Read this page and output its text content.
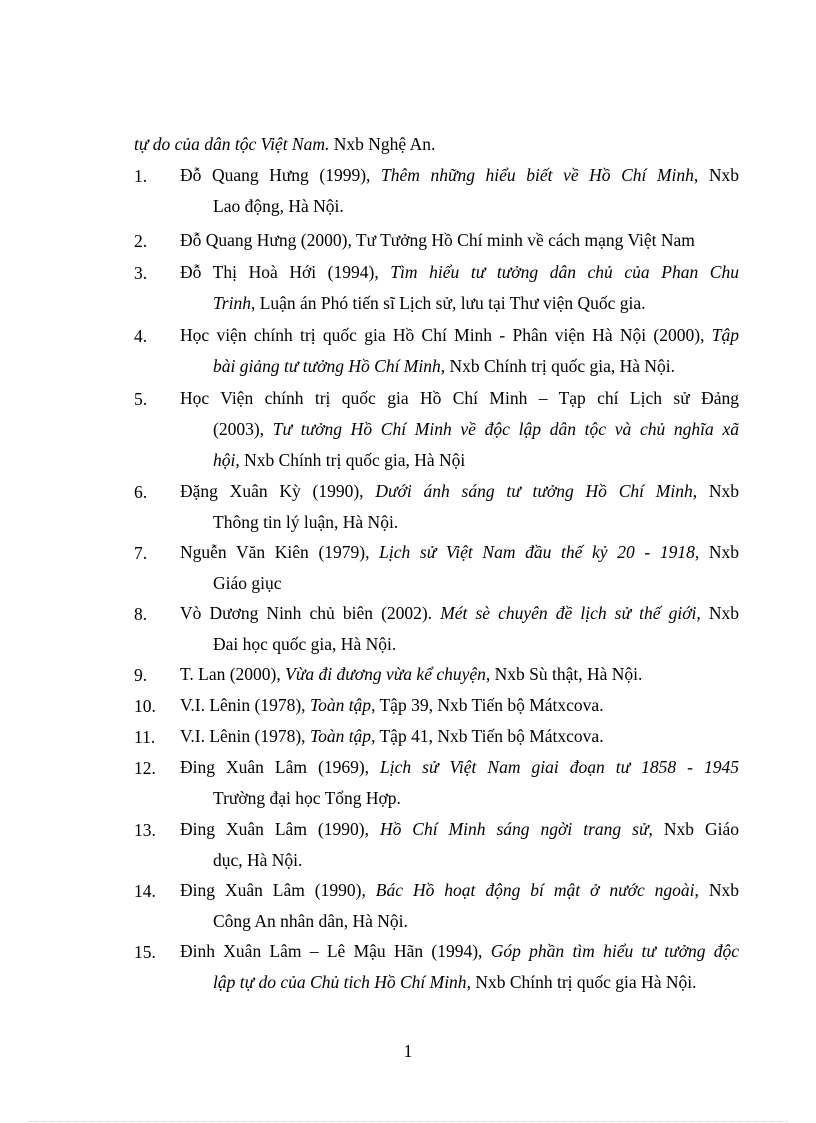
tự do của dân tộc Việt Nam. Nxb Nghệ An.
1. Đỗ Quang Hưng (1999), Thêm những hiểu biết về Hồ Chí Minh, Nxb
Lao động, Hà Nội.
2. Đỗ Quang Hưng (2000), Tư Tưởng Hồ Chí minh về cách mạng Việt Nam
3. Đỗ Thị Hoà Hới (1994), Tìm hiểu tư tưởng dân chủ của Phan Chu
Trinh, Luận án Phó tiến sĩ Lịch sử, lưu tại Thư viện Quốc gia.
4. Học viện chính trị quốc gia Hồ Chí Minh - Phân viện Hà Nội (2000), Tập
bài giảng tư tưởng Hồ Chí Minh, Nxb Chính trị quốc gia, Hà Nội.
5. Học Viện chính trị quốc gia Hồ Chí Minh – Tạp chí Lịch sử Đảng
(2003), Tư tưởng Hồ Chí Minh về độc lập dân tộc và chủ nghĩa xã
hội, Nxb Chính trị quốc gia, Hà Nội
6. Đặng Xuân Kỳ (1990), Dưới ánh sáng tư tưởng Hồ Chí Minh, Nxb
Thông tin lý luận, Hà Nội.
7. Nguễn Văn Kiên (1979), Lịch sử Việt Nam đầu thế kỷ 20 - 1918, Nxb
Giáo giục
8. Vò Dương Ninh chủ biên (2002). Mét sè chuyên đề lịch sử thế giới, Nxb
Đai học quốc gia, Hà Nội.
9. T. Lan (2000), Vừa đi đương vừa kể chuyện, Nxb Sù thật, Hà Nội.
10. V.I. Lênin (1978), Toàn tập, Tập 39, Nxb Tiến bộ Mátxcova.
11. V.I. Lênin (1978), Toàn tập, Tập 41, Nxb Tiến bộ Mátxcova.
12. Đing Xuân Lâm (1969), Lịch sử Việt Nam giai đoạn tư 1858 - 1945
Trường đại học Tổng Hợp.
13. Đing Xuân Lâm (1990), Hồ Chí Minh sáng ngời trang sử, Nxb Giáo
dục, Hà Nội.
14. Đing Xuân Lâm (1990), Bác Hồ hoạt động bí mật ở nước ngoài, Nxb
Công An nhân dân, Hà Nội.
15. Đinh Xuân Lâm – Lê Mậu Hãn (1994), Góp phần tìm hiểu tư tưởng độc
lập tự do của Chủ tich Hồ Chí Minh, Nxb Chính trị quốc gia Hà Nội.
1
